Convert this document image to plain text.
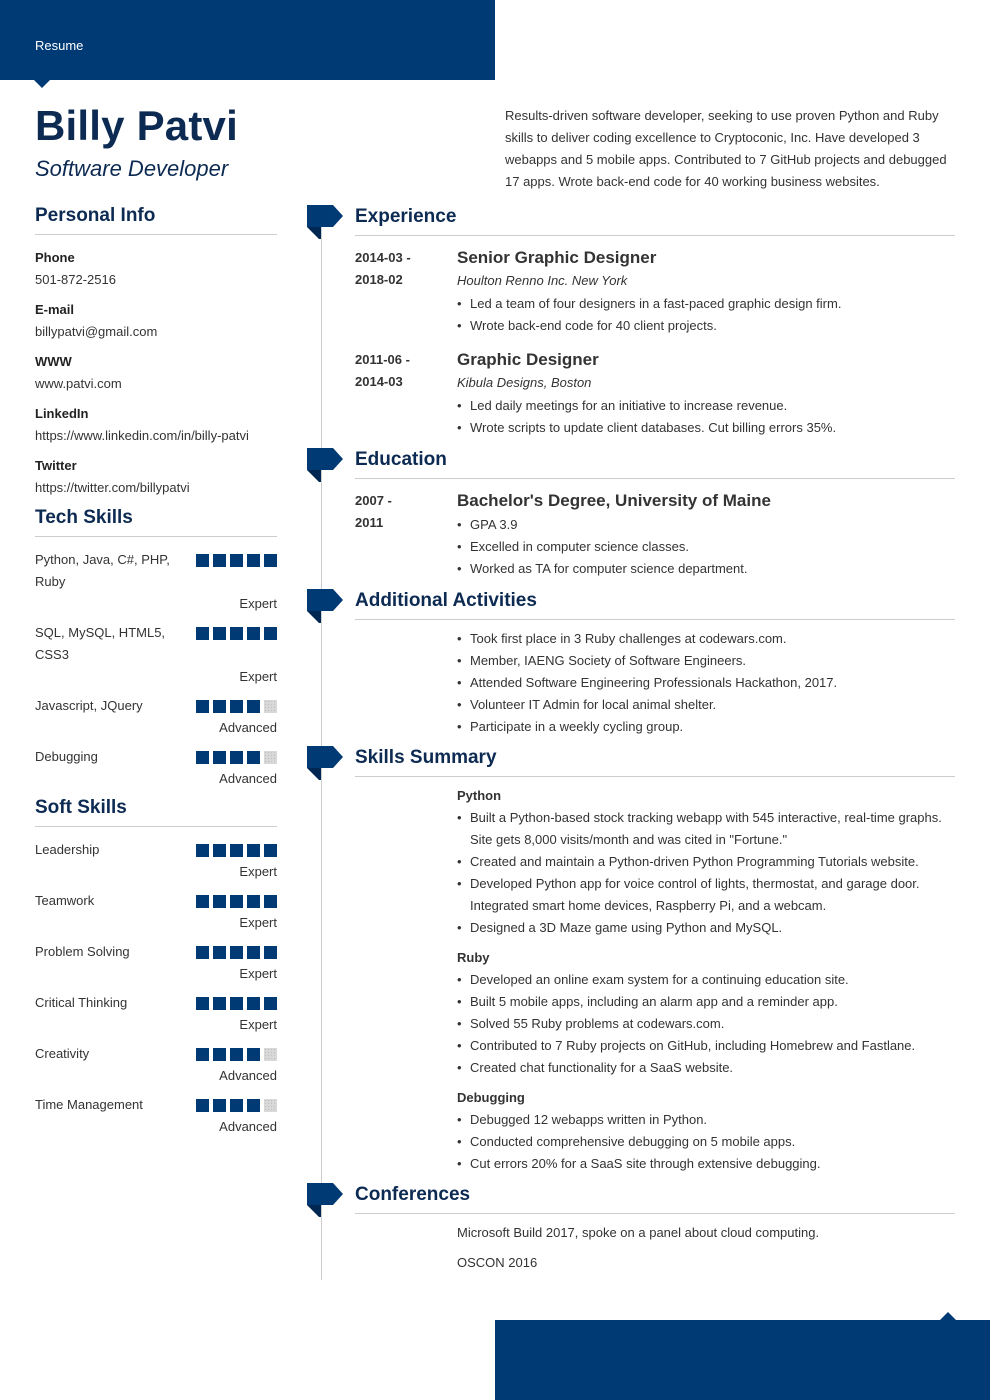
Resume
Billy Patvi
Software Developer

Results-driven software developer, seeking to use proven Python and Ruby skills to deliver coding excellence to Cryptoconic, Inc. Have developed 3 webapps and 5 mobile apps. Contributed to 7 GitHub projects and debugged 17 apps. Wrote back-end code for 40 working business websites.

Personal Info
Phone
501-872-2516
E-mail
billypatvi@gmail.com
WWW
www.patvi.com
LinkedIn
https://www.linkedin.com/in/billy-patvi
Twitter
https://twitter.com/billypatvi
Tech Skills
Python, Java, C#, PHP, Ruby
Expert
SQL, MySQL, HTML5, CSS3
Expert
Javascript, JQuery
Advanced
Debugging
Advanced
Soft Skills
Leadership
Expert
Teamwork
Expert
Problem Solving
Expert
Critical Thinking
Expert
Creativity
Advanced
Time Management
Advanced
Experience
2014-03 -
2018-02
Senior Graphic Designer
Houlton Renno Inc. New York
• Led a team of four designers in a fast-paced graphic design firm.
• Wrote back-end code for 40 client projects.
2011-06 -
2014-03
Graphic Designer
Kibula Designs, Boston
• Led daily meetings for an initiative to increase revenue.
• Wrote scripts to update client databases. Cut billing errors 35%.
Education
2007 -
2011
Bachelor's Degree, University of Maine
• GPA 3.9
• Excelled in computer science classes.
• Worked as TA for computer science department.
Additional Activities
• Took first place in 3 Ruby challenges at codewars.com.
• Member, IAENG Society of Software Engineers.
• Attended Software Engineering Professionals Hackathon, 2017.
• Volunteer IT Admin for local animal shelter.
• Participate in a weekly cycling group.
Skills Summary
Python
• Built a Python-based stock tracking webapp with 545 interactive, real-time graphs. Site gets 8,000 visits/month and was cited in "Fortune."
• Created and maintain a Python-driven Python Programming Tutorials website.
• Developed Python app for voice control of lights, thermostat, and garage door. Integrated smart home devices, Raspberry Pi, and a webcam.
• Designed a 3D Maze game using Python and MySQL.
Ruby
• Developed an online exam system for a continuing education site.
• Built 5 mobile apps, including an alarm app and a reminder app.
• Solved 55 Ruby problems at codewars.com.
• Contributed to 7 Ruby projects on GitHub, including Homebrew and Fastlane.
• Created chat functionality for a SaaS website.
Debugging
• Debugged 12 webapps written in Python.
• Conducted comprehensive debugging on 5 mobile apps.
• Cut errors 20% for a SaaS site through extensive debugging.
Conferences
Microsoft Build 2017, spoke on a panel about cloud computing.
OSCON 2016
